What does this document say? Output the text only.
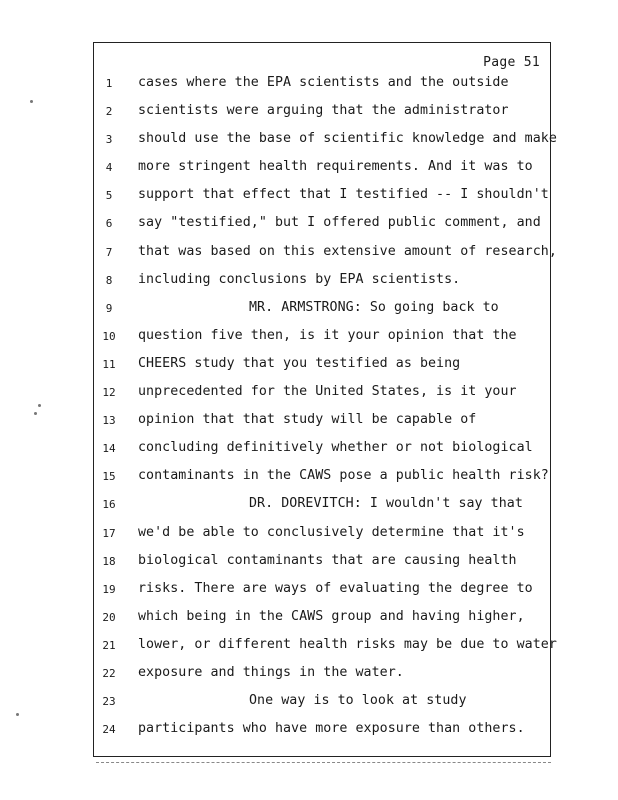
Page 51
1	cases where the EPA scientists and the outside
2	scientists were arguing that the administrator
3	should use the base of scientific knowledge and make
4	more stringent health requirements. And it was to
5	support that effect that I testified -- I shouldn't
6	say "testified," but I offered public comment, and
7	that was based on this extensive amount of research,
8	including conclusions by EPA scientists.
9	MR. ARMSTRONG: So going back to
10	question five then, is it your opinion that the
11	CHEERS study that you testified as being
12	unprecedented for the United States, is it your
13	opinion that that study will be capable of
14	concluding definitively whether or not biological
15	contaminants in the CAWS pose a public health risk?
16	DR. DOREVITCH: I wouldn't say that
17	we'd be able to conclusively determine that it's
18	biological contaminants that are causing health
19	risks. There are ways of evaluating the degree to
20	which being in the CAWS group and having higher,
21	lower, or different health risks may be due to water
22	exposure and things in the water.
23	One way is to look at study
24	participants who have more exposure than others.
